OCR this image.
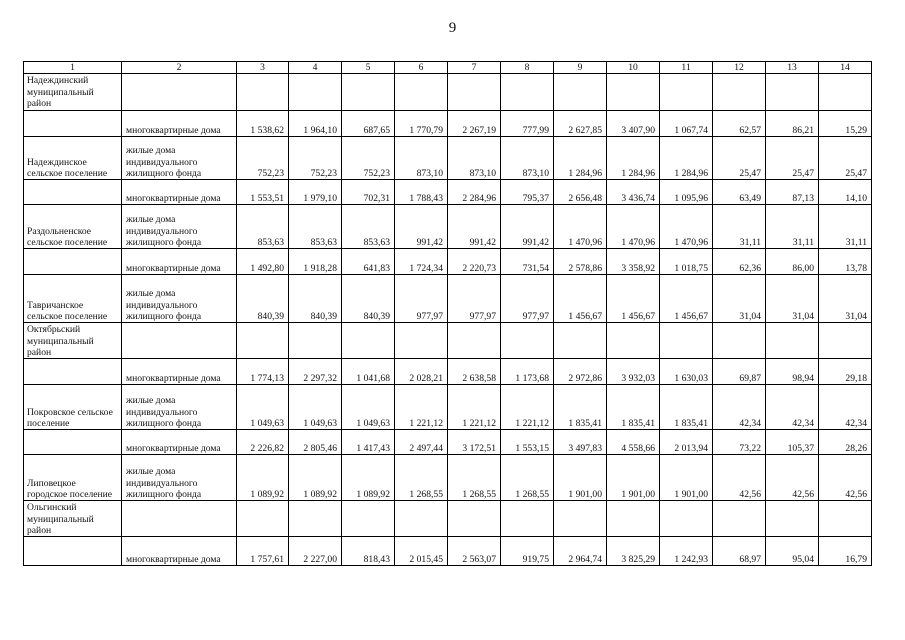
9
1	2	3	4	5	6	7	8	9	10	11	12	13	14
Надеждинский муниципальный район													
	многоквартирные дома	1 538,62	1 964,10	687,65	1 770,79	2 267,19	777,99	2 627,85	3 407,90	1 067,74	62,57	86,21	15,29
Надеждинское сельское поселение	жилые дома индивидуального жилищного фонда	752,23	752,23	752,23	873,10	873,10	873,10	1 284,96	1 284,96	1 284,96	25,47	25,47	25,47
	многоквартирные дома	1 553,51	1 979,10	702,31	1 788,43	2 284,96	795,37	2 656,48	3 436,74	1 095,96	63,49	87,13	14,10
Раздольненское сельское поселение	жилые дома индивидуального жилищного фонда	853,63	853,63	853,63	991,42	991,42	991,42	1 470,96	1 470,96	1 470,96	31,11	31,11	31,11
	многоквартирные дома	1 492,80	1 918,28	641,83	1 724,34	2 220,73	731,54	2 578,86	3 358,92	1 018,75	62,36	86,00	13,78
Тавричанское сельское поселение	жилые дома индивидуального жилищного фонда	840,39	840,39	840,39	977,97	977,97	977,97	1 456,67	1 456,67	1 456,67	31,04	31,04	31,04
Октябрьский муниципальный район													
	многоквартирные дома	1 774,13	2 297,32	1 041,68	2 028,21	2 638,58	1 173,68	2 972,86	3 932,03	1 630,03	69,87	98,94	29,18
Покровское сельское поселение	жилые дома индивидуального жилищного фонда	1 049,63	1 049,63	1 049,63	1 221,12	1 221,12	1 221,12	1 835,41	1 835,41	1 835,41	42,34	42,34	42,34
	многоквартирные дома	2 226,82	2 805,46	1 417,43	2 497,44	3 172,51	1 553,15	3 497,83	4 558,66	2 013,94	73,22	105,37	28,26
Липовецкое городское поселение	жилые дома индивидуального жилищного фонда	1 089,92	1 089,92	1 089,92	1 268,55	1 268,55	1 268,55	1 901,00	1 901,00	1 901,00	42,56	42,56	42,56
Ольгинский муниципальный район													
	многоквартирные дома	1 757,61	2 227,00	818,43	2 015,45	2 563,07	919,75	2 964,74	3 825,29	1 242,93	68,97	95,04	16,79
